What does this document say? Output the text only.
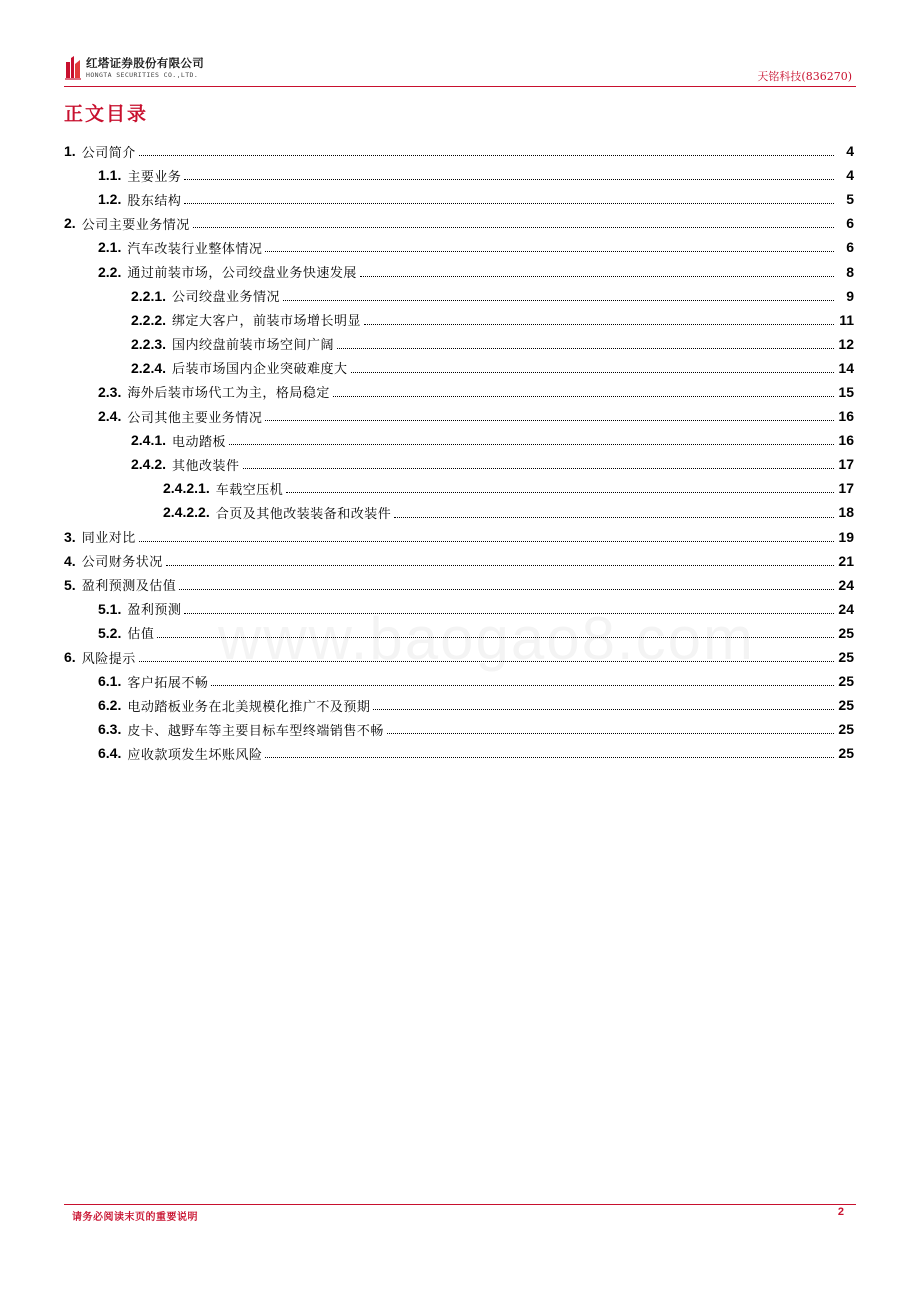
红塔证券股份有限公司
HONGTA SECURITIES CO.,LTD.	天铭科技(836270)
正文目录
1. 公司简介	4
1.1. 主要业务	4
1.2. 股东结构	5
2. 公司主要业务情况	6
2.1. 汽车改装行业整体情况	6
2.2. 通过前装市场，公司绞盘业务快速发展	8
2.2.1. 公司绞盘业务情况	9
2.2.2. 绑定大客户，前装市场增长明显	11
2.2.3. 国内绞盘前装市场空间广阔	12
2.2.4. 后装市场国内企业突破难度大	14
2.3. 海外后装市场代工为主，格局稳定	15
2.4. 公司其他主要业务情况	16
2.4.1. 电动踏板	16
2.4.2. 其他改装件	17
2.4.2.1. 车载空压机	17
2.4.2.2. 合页及其他改装装备和改装件	18
3. 同业对比	19
4. 公司财务状况	21
5. 盈利预测及估值	24
5.1. 盈利预测	24
5.2. 估值	25
6. 风险提示	25
6.1. 客户拓展不畅	25
6.2. 电动踏板业务在北美规模化推广不及预期	25
6.3. 皮卡、越野车等主要目标车型终端销售不畅	25
6.4. 应收款项发生坏账风险	25
请务必阅读末页的重要说明	2
